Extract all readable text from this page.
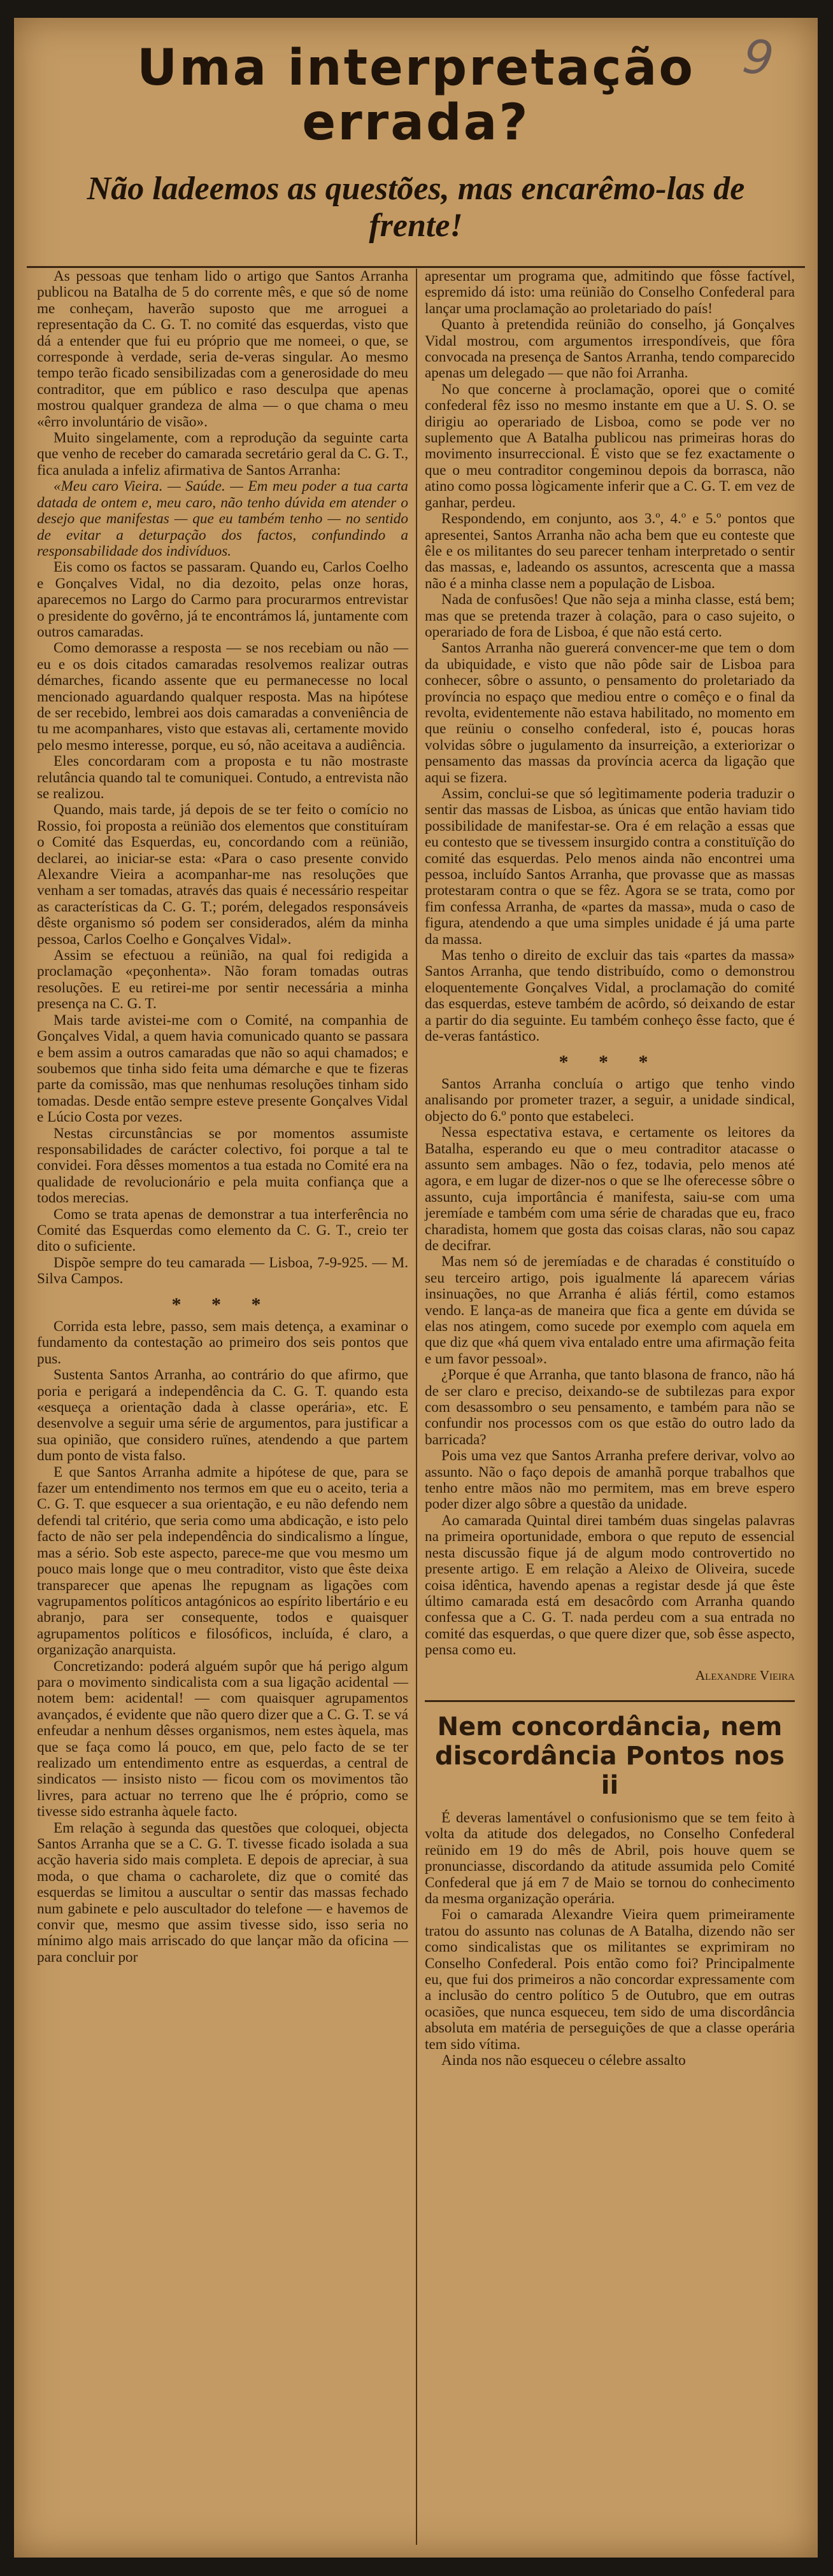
9
Uma interpretação
errada?
Não ladeemos as questões, mas encarêmo-las de frente!

As pessoas que tenham lido o artigo que Santos Arranha publicou na Batalha de 5 do corrente mês, e que só de nome me conheçam, haverão suposto que me arroguei a representação da C. G. T. no comité das esquerdas, visto que dá a entender que fui eu próprio que me nomeei, o que, se corresponde à verdade, seria de-veras singular. Ao mesmo tempo terão ficado sensibilizadas com a generosidade do meu contraditor, que em público e raso desculpa que apenas mostrou qualquer grandeza de alma — o que chama o meu «êrro involuntário de visão».

Muito singelamente, com a reprodução da seguinte carta que venho de receber do camarada secretário geral da C. G. T., fica anulada a infeliz afirmativa de Santos Arranha:

«Meu caro Vieira. — Saúde. — Em meu poder a tua carta datada de ontem e, meu caro, não tenho dúvida em atender o desejo que manifestas — que eu também tenho — no sentido de evitar a deturpação dos factos, confundindo a responsabilidade dos indivíduos.

Eis como os factos se passaram. Quando eu, Carlos Coelho e Gonçalves Vidal, no dia dezoito, pelas onze horas, aparecemos no Largo do Carmo para procurarmos entrevistar o presidente do govêrno, já te encontrámos lá, juntamente com outros camaradas.

Como demorasse a resposta — se nos recebiam ou não — eu e os dois citados camaradas resolvemos realizar outras démarches, ficando assente que eu permanecesse no local mencionado aguardando qualquer resposta. Mas na hipótese de ser recebido, lembrei aos dois camaradas a conveniência de tu me acompanhares, visto que estavas ali, certamente movido pelo mesmo interesse, porque, eu só, não aceitava a audiência.

Eles concordaram com a proposta e tu não mostraste relutância quando tal te comuniquei. Contudo, a entrevista não se realizou.

Quando, mais tarde, já depois de se ter feito o comício no Rossio, foi proposta a reünião dos elementos que constituíram o Comité das Esquerdas, eu, concordando com a reünião, declarei, ao iniciar-se esta: «Para o caso presente convido Alexandre Vieira a acompanhar-me nas resoluções que venham a ser tomadas, através das quais é necessário respeitar as características da C. G. T.; porém, delegados responsáveis dêste organismo só podem ser considerados, além da minha pessoa, Carlos Coelho e Gonçalves Vidal».

Assim se efectuou a reünião, na qual foi redigida a proclamação «peçonhenta». Não foram tomadas outras resoluções. E eu retirei-me por sentir necessária a minha presença na C. G. T.

Mais tarde avistei-me com o Comité, na companhia de Gonçalves Vidal, a quem havia comunicado quanto se passara e bem assim a outros camaradas que não so aqui chamados; e soubemos que tinha sido feita uma démarche e que te fizeras parte da comissão, mas que nenhumas resoluções tinham sido tomadas. Desde então sempre esteve presente Gonçalves Vidal e Lúcio Costa por vezes.

Nestas circunstâncias se por momentos assumiste responsabilidades de carácter colectivo, foi porque a tal te convidei. Fora dêsses momentos a tua estada no Comité era na qualidade de revolucionário e pela muita confiança que a todos merecias.

Como se trata apenas de demonstrar a tua interferência no Comité das Esquerdas como elemento da C. G. T., creio ter dito o suficiente.

Dispõe sempre do teu camarada — Lisboa, 7-9-925. — M. Silva Campos.

* * *

Corrida esta lebre, passo, sem mais detença, a examinar o fundamento da contestação ao primeiro dos seis pontos que pus.

Sustenta Santos Arranha, ao contrário do que afirmo, que poria e perigará a independência da C. G. T. quando esta «esqueça a orientação dada à classe operária», etc. E desenvolve a seguir uma série de argumentos, para justificar a sua opinião, que considero ruïnes, atendendo a que partem dum ponto de vista falso.

E que Santos Arranha admite a hipótese de que, para se fazer um entendimento nos termos em que eu o aceito, teria a C. G. T. que esquecer a sua orientação, e eu não defendo nem defendi tal critério, que seria como uma abdicação, e isto pelo facto de não ser pela independência do sindicalismo a língue, mas a sério. Sob este aspecto, parece-me que vou mesmo um pouco mais longe que o meu contraditor, visto que êste deixa transparecer que apenas lhe repugnam as ligações com vagrupamentos políticos antagónicos ao espírito libertário e eu abranjo, para ser consequente, todos e quaisquer agrupamentos políticos e filosóficos, incluída, é claro, a organização anarquista.

Concretizando: poderá alguém supôr que há perigo algum para o movimento sindicalista com a sua ligação acidental — notem bem: acidental! — com quaisquer agrupamentos avançados, é evidente que não quero dizer que a C. G. T. se vá enfeudar a nenhum dêsses organismos, nem estes àquela, mas que se faça como lá pouco, em que, pelo facto de se ter realizado um entendimento entre as esquerdas, a central de sindicatos — insisto nisto — ficou com os movimentos tão livres, para actuar no terreno que lhe é próprio, como se tivesse sido estranha àquele facto.

Em relação à segunda das questões que coloquei, objecta Santos Arranha que se a C. G. T. tivesse ficado isolada a sua acção haveria sido mais completa. E depois de apreciar, à sua moda, o que chama o cacharolete, diz que o comité das esquerdas se limitou a auscultar o sentir das massas fechado num gabinete e pelo auscultador do telefone — e havemos de convir que, mesmo que assim tivesse sido, isso seria no mínimo algo mais arriscado do que lançar mão da oficina — para concluir por

apresentar um programa que, admitindo que fôsse factível, espremido dá isto: uma reünião do Conselho Confederal para lançar uma proclamação ao proletariado do país!

Quanto à pretendida reünião do conselho, já Gonçalves Vidal mostrou, com argumentos irrespondíveis, que fôra convocada na presença de Santos Arranha, tendo comparecido apenas um delegado — que não foi Arranha.

No que concerne à proclamação, oporei que o comité confederal fêz isso no mesmo instante em que a U. S. O. se dirigiu ao operariado de Lisboa, como se pode ver no suplemento que A Batalha publicou nas primeiras horas do movimento insurreccional. É visto que se fez exactamente o que o meu contraditor congeminou depois da borrasca, não atino como possa lògicamente inferir que a C. G. T. em vez de ganhar, perdeu.

Respondendo, em conjunto, aos 3.º, 4.º e 5.º pontos que apresentei, Santos Arranha não acha bem que eu conteste que êle e os militantes do seu parecer tenham interpretado o sentir das massas, e, ladeando os assuntos, acrescenta que a massa não é a minha classe nem a população de Lisboa.

Nada de confusões! Que não seja a minha classe, está bem; mas que se pretenda trazer à colação, para o caso sujeito, o operariado de fora de Lisboa, é que não está certo.

Santos Arranha não guererá convencer-me que tem o dom da ubiquidade, e visto que não pôde sair de Lisboa para conhecer, sôbre o assunto, o pensamento do proletariado da província no espaço que mediou entre o comêço e o final da revolta, evidentemente não estava habilitado, no momento em que reüniu o conselho confederal, isto é, poucas horas volvidas sôbre o jugulamento da insurreição, a exteriorizar o pensamento das massas da província acerca da ligação que aqui se fizera.

Assim, conclui-se que só legìtimamente poderia traduzir o sentir das massas de Lisboa, as únicas que então haviam tido possibilidade de manifestar-se. Ora é em relação a essas que eu contesto que se tivessem insurgido contra a constituïção do comité das esquerdas. Pelo menos ainda não encontrei uma pessoa, incluído Santos Arranha, que provasse que as massas protestaram contra o que se fêz. Agora se se trata, como por fim confessa Arranha, de «partes da massa», muda o caso de figura, atendendo a que uma simples unidade é já uma parte da massa.

Mas tenho o direito de excluir das tais «partes da massa» Santos Arranha, que tendo distribuído, como o demonstrou eloquentemente Gonçalves Vidal, a proclamação do comité das esquerdas, esteve também de acôrdo, só deixando de estar a partir do dia seguinte. Eu também conheço êsse facto, que é de-veras fantástico.

* * *

Santos Arranha concluía o artigo que tenho vindo analisando por prometer trazer, a seguir, a unidade sindical, objecto do 6.º ponto que estabeleci.

Nessa espectativa estava, e certamente os leitores da Batalha, esperando eu que o meu contraditor atacasse o assunto sem ambages. Não o fez, todavia, pelo menos até agora, e em lugar de dizer-nos o que se lhe oferecesse sôbre o assunto, cuja importância é manifesta, saiu-se com uma jeremíade e também com uma série de charadas que eu, fraco charadista, homem que gosta das coisas claras, não sou capaz de decifrar.

Mas nem só de jeremíadas e de charadas é constituído o seu terceiro artigo, pois igualmente lá aparecem várias insinuações, no que Arranha é aliás fértil, como estamos vendo. E lança-as de maneira que fica a gente em dúvida se elas nos atingem, como sucede por exemplo com aquela em que diz que «há quem viva entalado entre uma afirmação feita e um favor pessoal».

¿Porque é que Arranha, que tanto blasona de franco, não há de ser claro e preciso, deixando-se de subtilezas para expor com desassombro o seu pensamento, e também para não se confundir nos processos com os que estão do outro lado da barricada?

Pois uma vez que Santos Arranha prefere derivar, volvo ao assunto. Não o faço depois de amanhã porque trabalhos que tenho entre mãos não mo permitem, mas em breve espero poder dizer algo sôbre a questão da unidade.

Ao camarada Quintal direi também duas singelas palavras na primeira oportunidade, embora o que reputo de essencial nesta discussão fique já de algum modo controvertido no presente artigo. E em relação a Aleixo de Oliveira, sucede coisa idêntica, havendo apenas a registar desde já que êste último camarada está em desacôrdo com Arranha quando confessa que a C. G. T. nada perdeu com a sua entrada no comité das esquerdas, o que quere dizer que, sob êsse aspecto, pensa como eu.

Alexandre Vieira
Nem concordância, nem discordância Pontos nos ii

É deveras lamentável o confusionismo que se tem feito à volta da atitude dos delegados, no Conselho Confederal reünido em 19 do mês de Abril, pois houve quem se pronunciasse, discordando da atitude assumida pelo Comité Confederal que já em 7 de Maio se tornou do conhecimento da mesma organização operária.

Foi o camarada Alexandre Vieira quem primeiramente tratou do assunto nas colunas de A Batalha, dizendo não ser como sindicalistas que os militantes se exprimiram no Conselho Confederal. Pois então como foi? Principalmente eu, que fui dos primeiros a não concordar expressamente com a inclusão do centro político 5 de Outubro, que em outras ocasiões, que nunca esqueceu, tem sido de uma discordância absoluta em matéria de perseguições de que a classe operária tem sido vítima.

Ainda nos não esqueceu o célebre assalto
